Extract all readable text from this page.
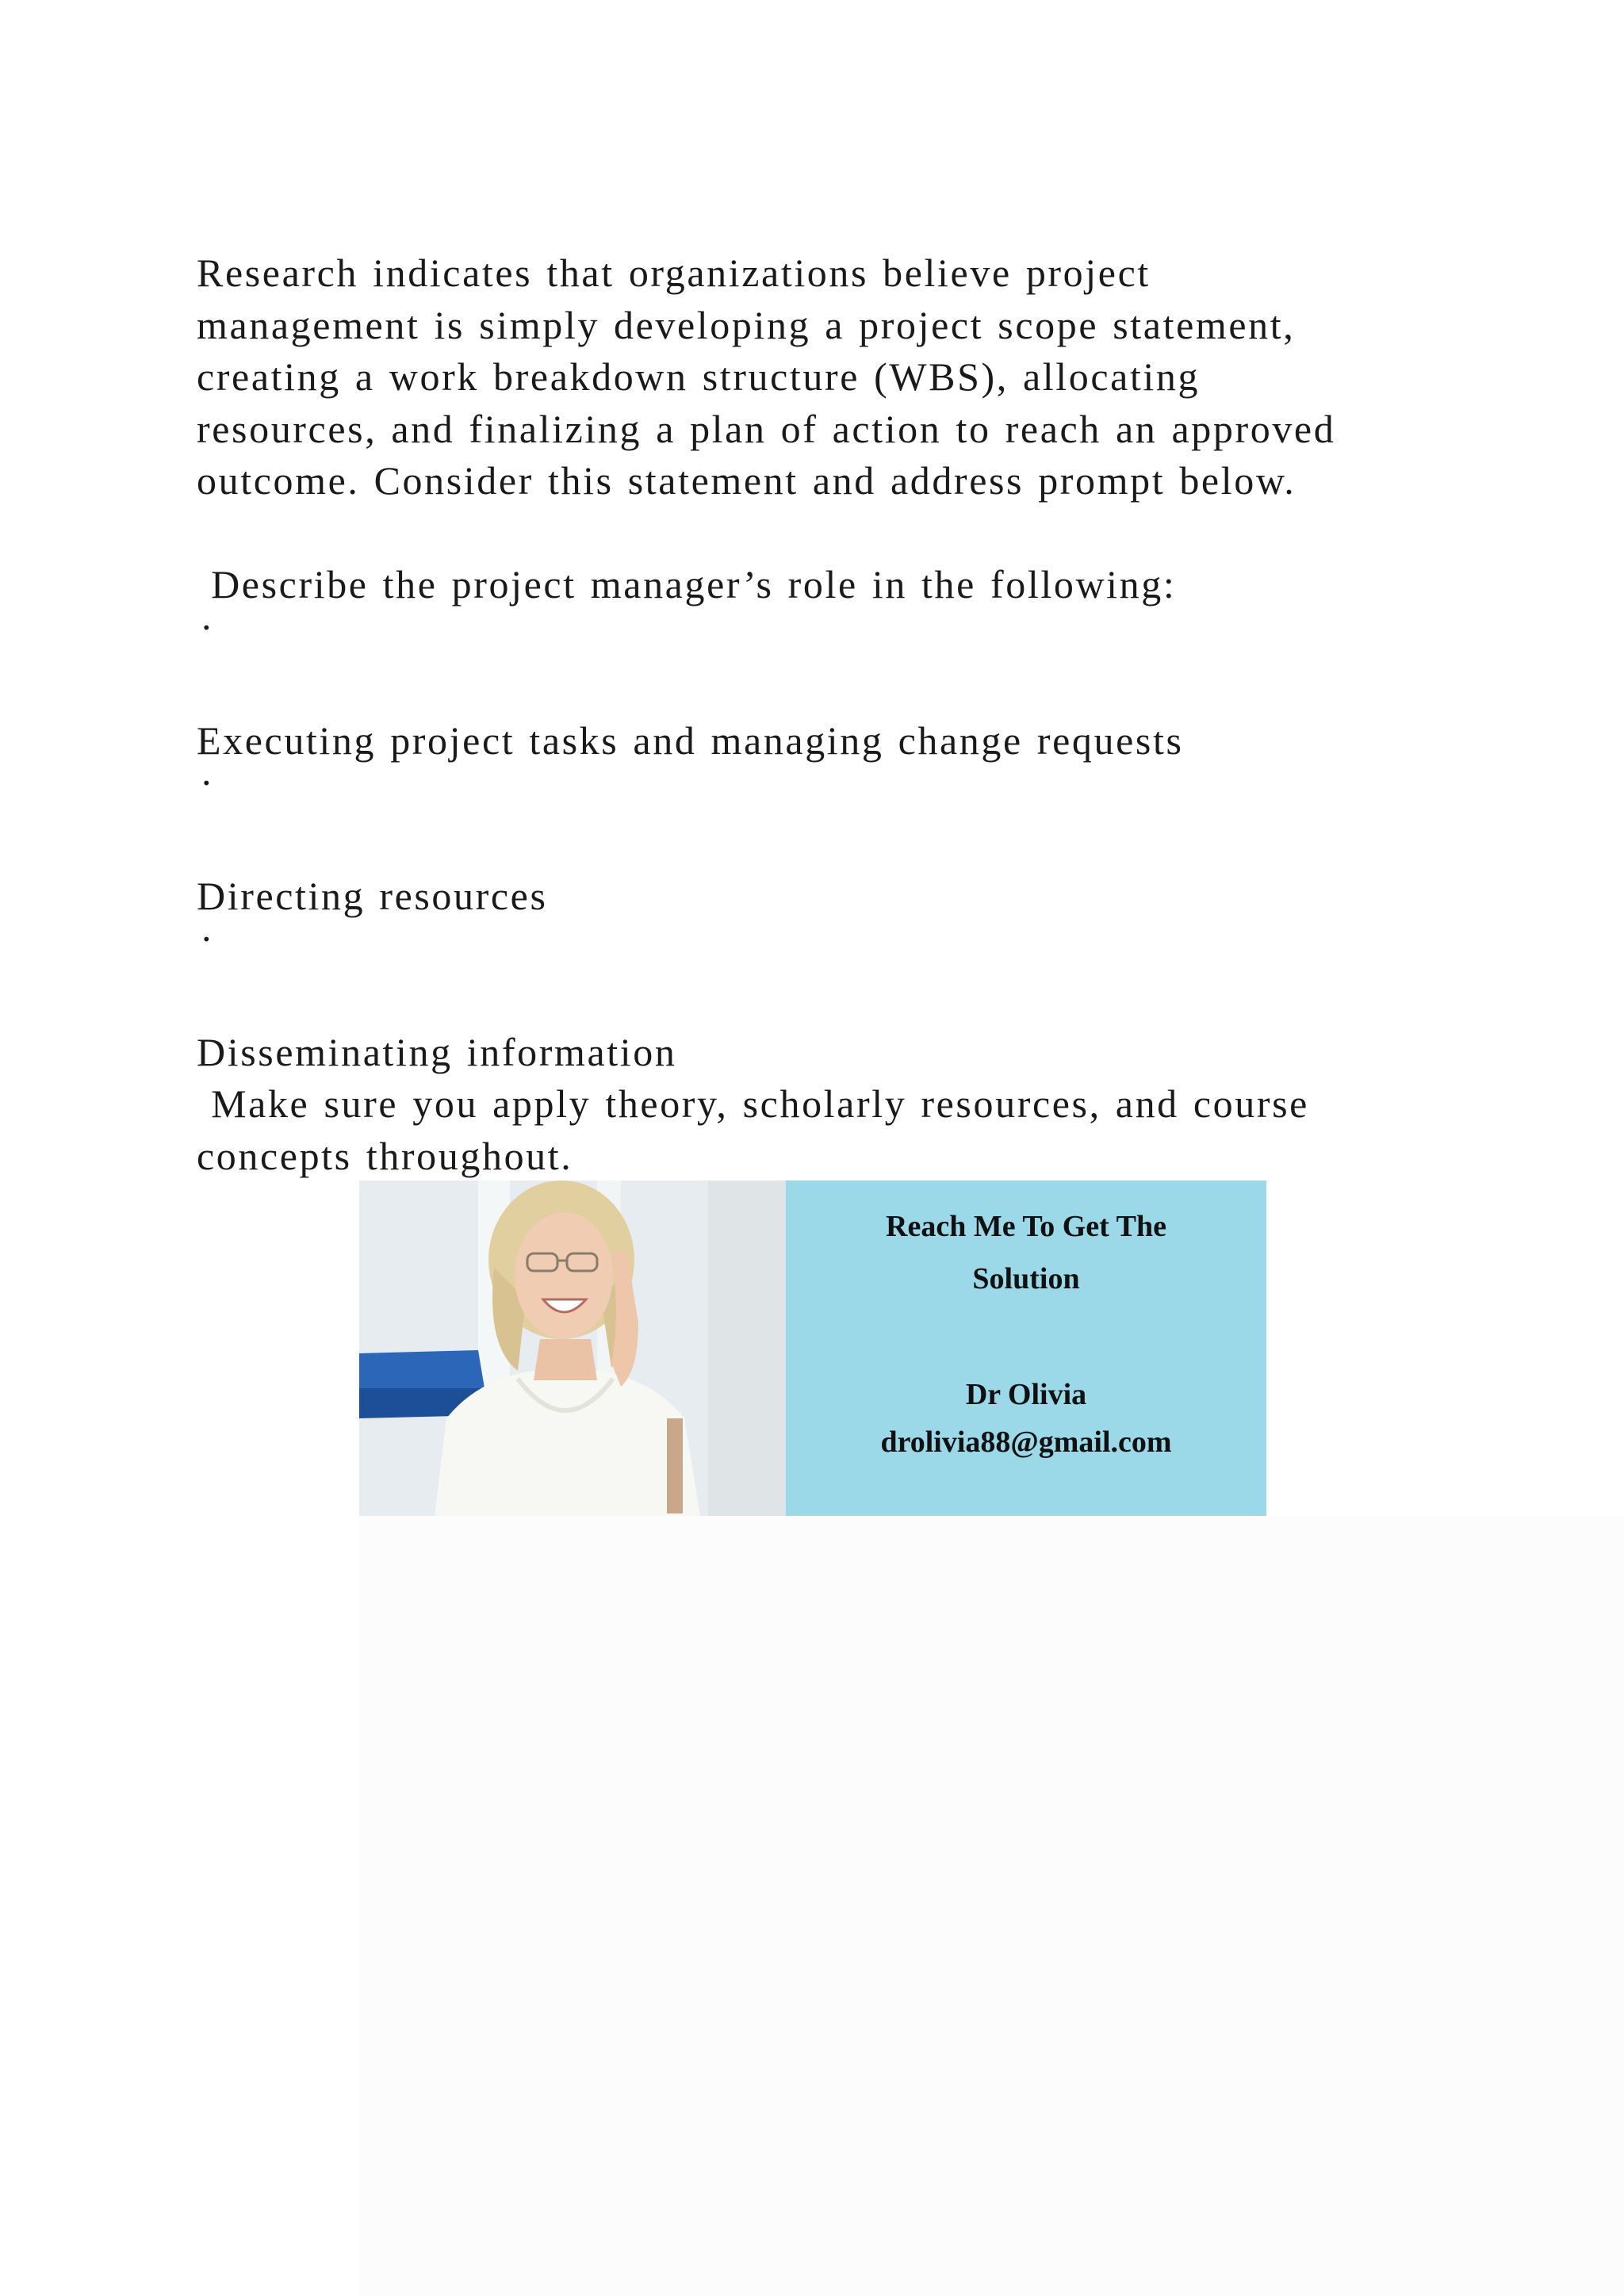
Research indicates that organizations believe project
management is simply developing a project scope statement,
creating a work breakdown structure (WBS), allocating
resources, and finalizing a plan of action to reach an approved
outcome. Consider this statement and address prompt below.
Describe the project manager’s role in the following:
·
Executing project tasks and managing change requests
·
Directing resources
·
Disseminating information
Make sure you apply theory, scholarly resources, and course
concepts throughout.
Reach Me To Get The
Solution
Dr Olivia
drolivia88@gmail.com
